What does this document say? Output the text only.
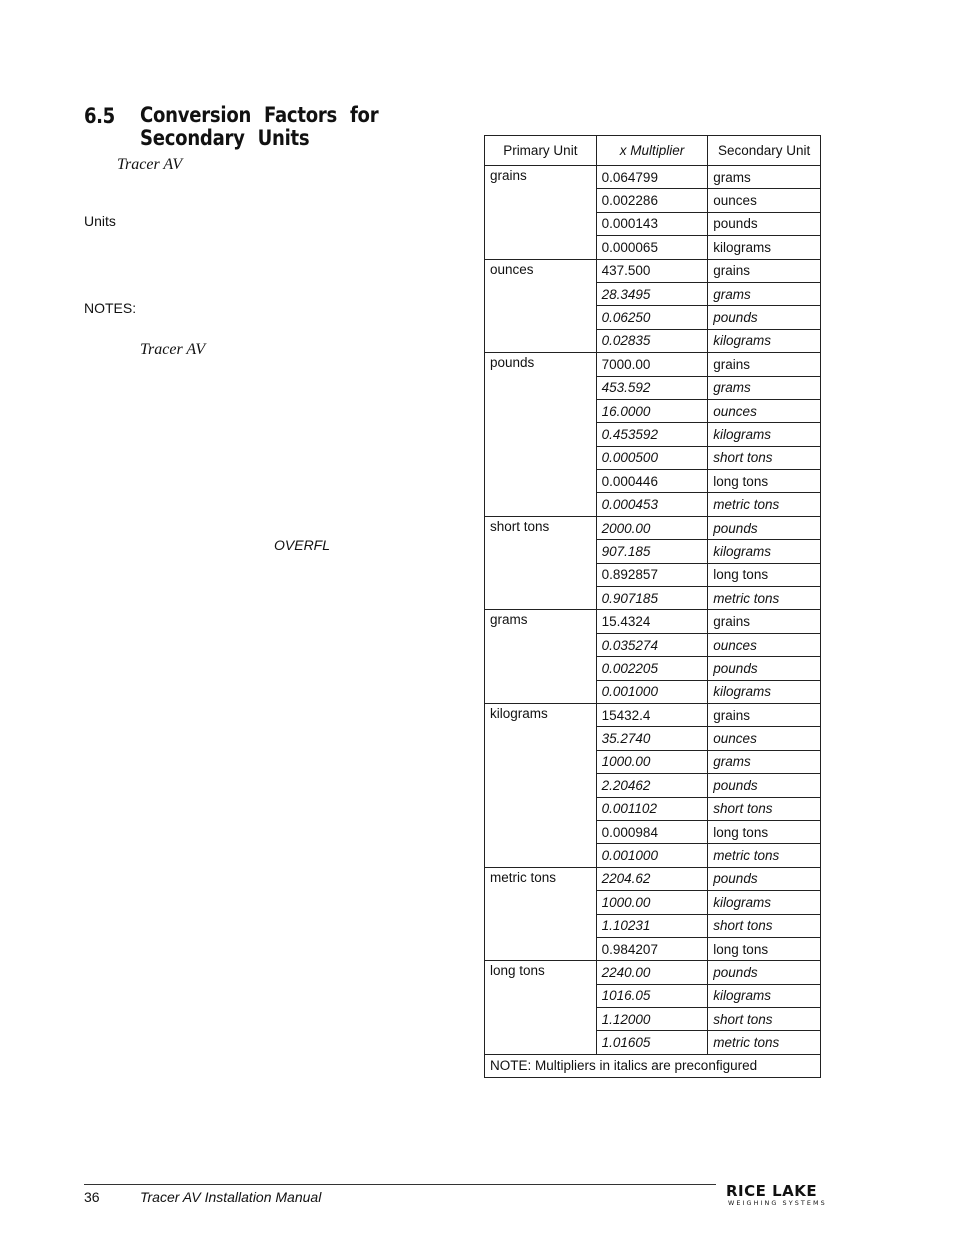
6.5 Conversion Factors for Secondary Units
Tracer AV
Units
NOTES:
Tracer AV
OVERFL
Primary Unit	x Multiplier	Secondary Unit
grains	0.064799	grams
	0.002286	ounces
	0.000143	pounds
	0.000065	kilograms
ounces	437.500	grains
	28.3495	grams
	0.06250	pounds
	0.02835	kilograms
pounds	7000.00	grains
	453.592	grams
	16.0000	ounces
	0.453592	kilograms
	0.000500	short tons
	0.000446	long tons
	0.000453	metric tons
short tons	2000.00	pounds
	907.185	kilograms
	0.892857	long tons
	0.907185	metric tons
grams	15.4324	grains
	0.035274	ounces
	0.002205	pounds
	0.001000	kilograms
kilograms	15432.4	grains
	35.2740	ounces
	1000.00	grams
	2.20462	pounds
	0.001102	short tons
	0.000984	long tons
	0.001000	metric tons
metric tons	2204.62	pounds
	1000.00	kilograms
	1.10231	short tons
	0.984207	long tons
long tons	2240.00	pounds
	1016.05	kilograms
	1.12000	short tons
	1.01605	metric tons
NOTE: Multipliers in italics are preconfigured		
36	Tracer AV Installation Manual	RICE LAKE
WEIGHING SYSTEMS
